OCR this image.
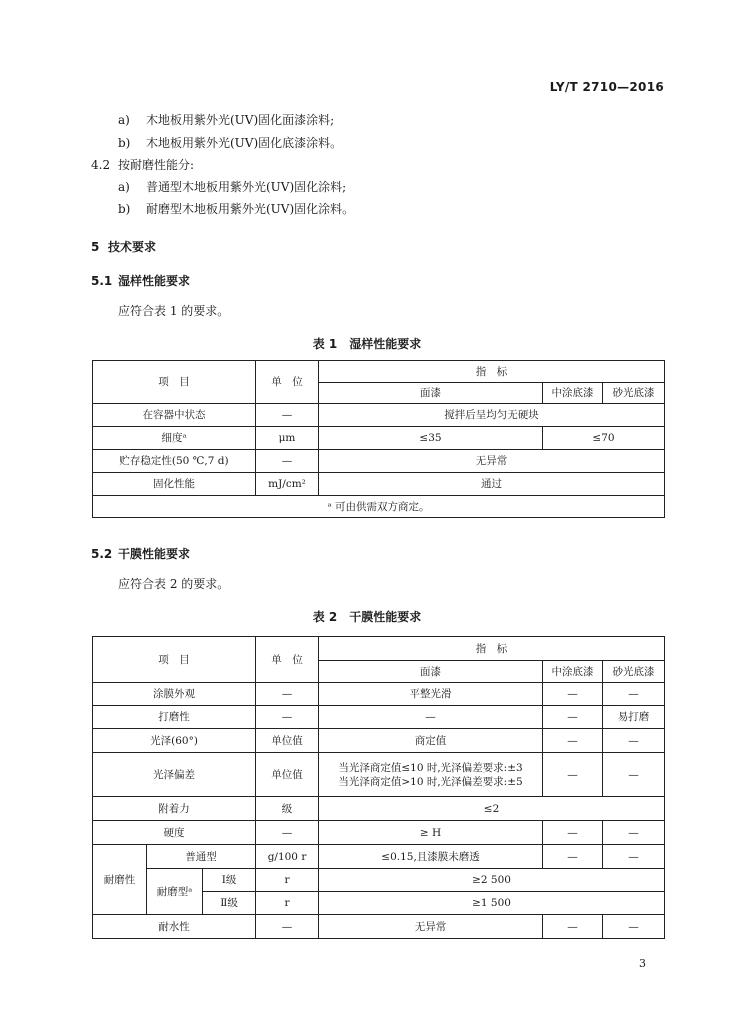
LY/T 2710—2016
a) 木地板用紫外光(UV)固化面漆涂料;
b) 木地板用紫外光(UV)固化底漆涂料。
4.2 按耐磨性能分:
a) 普通型木地板用紫外光(UV)固化涂料;
b) 耐磨型木地板用紫外光(UV)固化涂料。
5 技术要求
5.1 湿样性能要求
应符合表 1 的要求。
表 1　湿样性能要求
项　目	单　位	指　标		
		面漆	中涂底漆	砂光底漆
在容器中状态	—	搅拌后呈均匀无硬块		
细度ᵃ	μm	≤35	≤70	
贮存稳定性(50 ℃,7 d)	—	无异常		
固化性能	mJ/cm²	通过		
ᵃ 可由供需双方商定。				
5.2 干膜性能要求
应符合表 2 的要求。
表 2　干膜性能要求
项　目			单　位	指　标		
				面漆	中涂底漆	砂光底漆
涂膜外观			—	平整光滑	—	—
打磨性			—	—	—	易打磨
光泽(60°)			单位值	商定值	—	—
光泽偏差			单位值	当光泽商定值≤10 时,光泽偏差要求:±3
当光泽商定值>10 时,光泽偏差要求:±5	—	—
附着力			级	≤2		
硬度			—	≥ H	—	—
耐磨性	普通型		g/100 r	≤0.15,且漆膜未磨透	—	—
	耐磨型ᵃ	Ⅰ级	r	≥2 500		
		Ⅱ级	r	≥1 500		
耐水性			—	无异常	—	—
3
